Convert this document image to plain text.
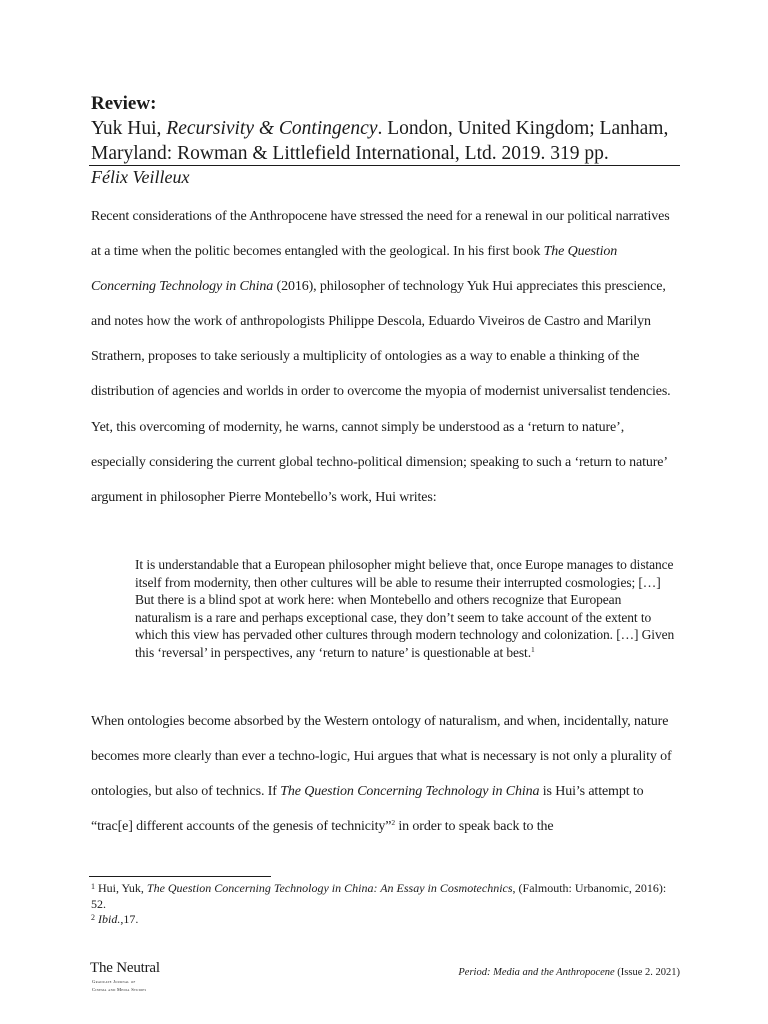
Review:
Yuk Hui, Recursivity & Contingency. London, United Kingdom; Lanham, Maryland: Rowman & Littlefield International, Ltd. 2019. 319 pp.
Félix Veilleux

Recent considerations of the Anthropocene have stressed the need for a renewal in our political narratives at a time when the politic becomes entangled with the geological. In his first book The Question Concerning Technology in China (2016), philosopher of technology Yuk Hui appreciates this prescience, and notes how the work of anthropologists Philippe Descola, Eduardo Viveiros de Castro and Marilyn Strathern, proposes to take seriously a multiplicity of ontologies as a way to enable a thinking of the distribution of agencies and worlds in order to overcome the myopia of modernist universalist tendencies. Yet, this overcoming of modernity, he warns, cannot simply be understood as a ‘return to nature’, especially considering the current global techno-political dimension; speaking to such a ‘return to nature’ argument in philosopher Pierre Montebello’s work, Hui writes:

It is understandable that a European philosopher might believe that, once Europe manages to distance itself from modernity, then other cultures will be able to resume their interrupted cosmologies; […] But there is a blind spot at work here: when Montebello and others recognize that European naturalism is a rare and perhaps exceptional case, they don’t seem to take account of the extent to which this view has pervaded other cultures through modern technology and colonization. […] Given this ‘reversal’ in perspectives, any ‘return to nature’ is questionable at best.$^1$

When ontologies become absorbed by the Western ontology of naturalism, and when, incidentally, nature becomes more clearly than ever a techno-logic, Hui argues that what is necessary is not only a plurality of ontologies, but also of technics. If The Question Concerning Technology in China is Hui’s attempt to “trac[e] different accounts of the genesis of technicity”$^2$ in order to speak back to the

$^1$ Hui, Yuk, The Question Concerning Technology in China: An Essay in Cosmotechnics, (Falmouth: Urbanomic, 2016): 52.
$^2$ Ibid.,17.
The Neutral
Graduate Journal of
Cinema and Media Studies
Period: Media and the Anthropocene (Issue 2. 2021)
